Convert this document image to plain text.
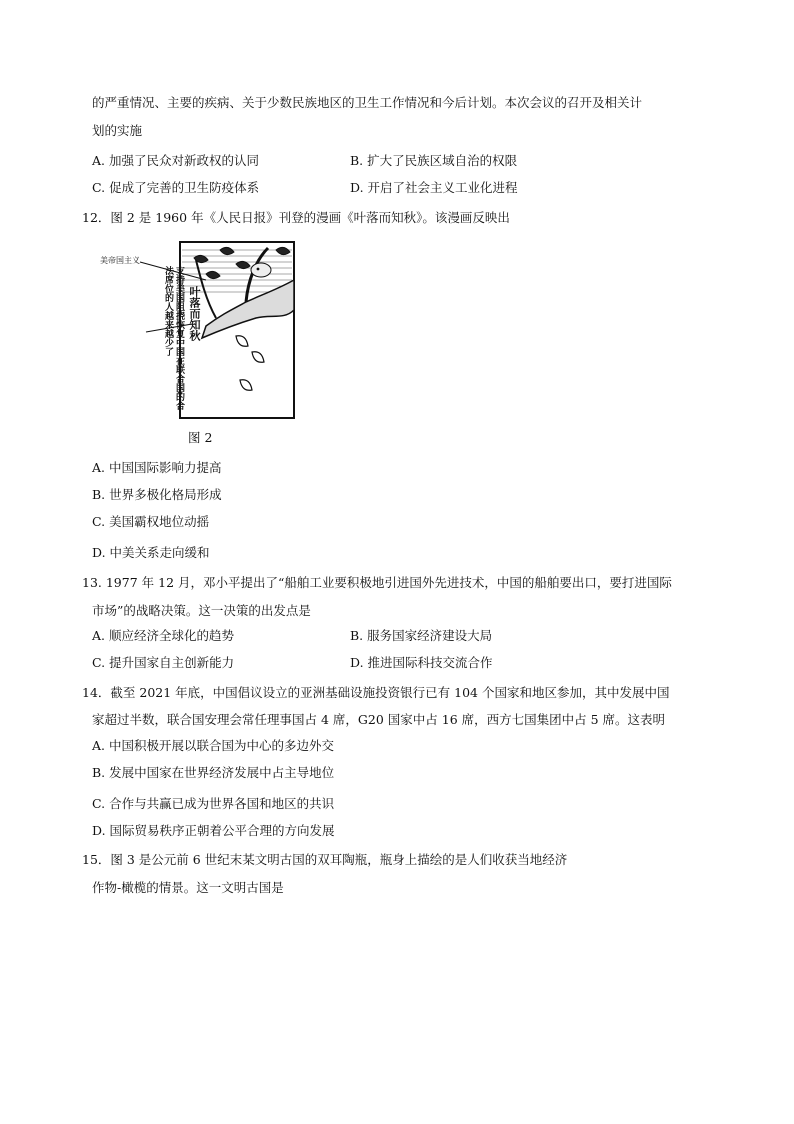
的严重情况、主要的疾病、关于少数民族地区的卫生工作情况和今后计划。本次会议的召开及相关计
划的实施
A. 加强了民众对新政权的认同	B. 扩大了民族区域自治的权限
C. 促成了完善的卫生防疫体系	D. 开启了社会主义工业化进程
12．图 2 是 1960 年《人民日报》刊登的漫画《叶落而知秋》。该漫画反映出
美帝国主义
支持美国阻挠恢复中国在联合国的合法席位的人越来越少了	叶落而知秋
图 2
A. 中国国际影响力提高
B. 世界多极化格局形成
C. 美国霸权地位动摇
D. 中美关系走向缓和
13. 1977 年 12 月，邓小平提出了“船舶工业要积极地引进国外先进技术，中国的船舶要出口，要打进国际
市场”的战略决策。这一决策的出发点是
A. 顺应经济全球化的趋势	B. 服务国家经济建设大局
C. 提升国家自主创新能力	D. 推进国际科技交流合作
14．截至 2021 年底，中国倡议设立的亚洲基础设施投资银行已有 104 个国家和地区参加，其中发展中国
家超过半数，联合国安理会常任理事国占 4 席，G20 国家中占 16 席，西方七国集团中占 5 席。这表明
A. 中国积极开展以联合国为中心的多边外交
B. 发展中国家在世界经济发展中占主导地位
C. 合作与共赢已成为世界各国和地区的共识
D. 国际贸易秩序正朝着公平合理的方向发展
15．图 3 是公元前 6 世纪末某文明古国的双耳陶瓶，瓶身上描绘的是人们收获当地经济
作物-橄榄的情景。这一文明古国是
